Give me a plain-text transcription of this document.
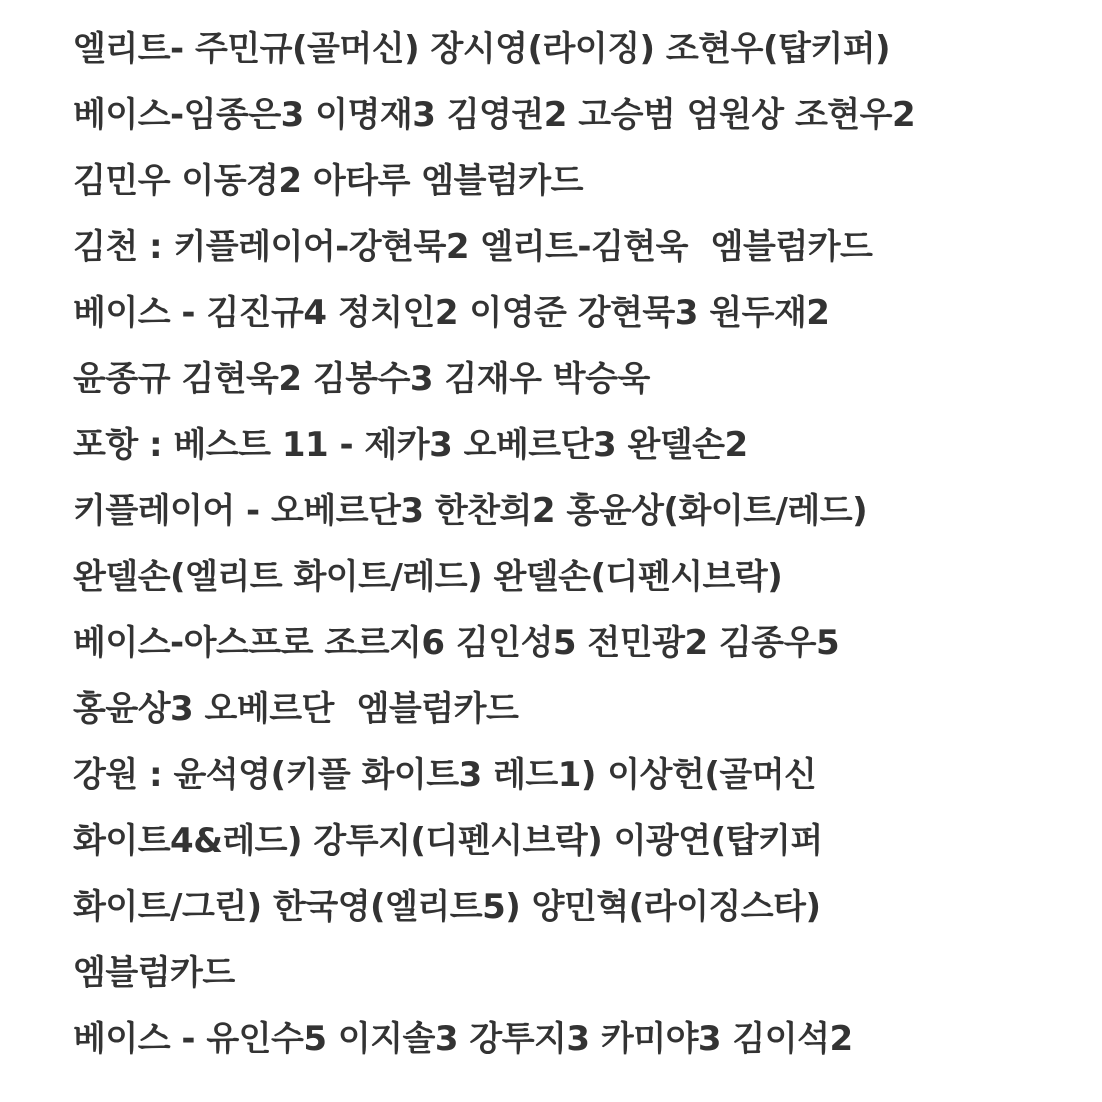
엘리트- 주민규(골머신) 장시영(라이징) 조현우(탑키퍼)
베이스-임종은3 이명재3 김영권2 고승범 엄원상 조현우2
김민우 이동경2 아타루 엠블럼카드
김천 : 키플레이어-강현묵2 엘리트-김현욱  엠블럼카드
베이스 - 김진규4 정치인2 이영준 강현묵3 원두재2
윤종규 김현욱2 김봉수3 김재우 박승욱
포항 : 베스트 11 - 제카3 오베르단3 완델손2
키플레이어 - 오베르단3 한찬희2 홍윤상(화이트/레드)
완델손(엘리트 화이트/레드) 완델손(디펜시브락)
베이스-아스프로 조르지6 김인성5 전민광2 김종우5
홍윤상3 오베르단  엠블럼카드
강원 : 윤석영(키플 화이트3 레드1) 이상헌(골머신
화이트4&레드) 강투지(디펜시브락) 이광연(탑키퍼
화이트/그린) 한국영(엘리트5) 양민혁(라이징스타)
엠블럼카드
베이스 - 유인수5 이지솔3 강투지3 카미야3 김이석2
